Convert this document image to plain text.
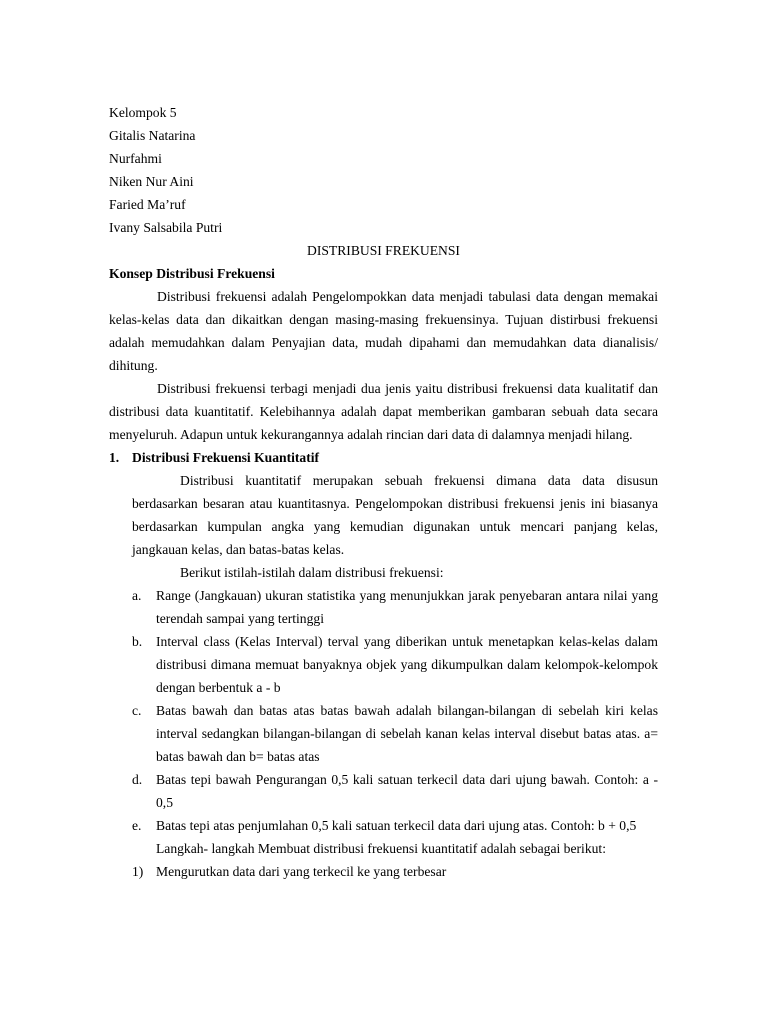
Kelompok 5

Gitalis Natarina

Nurfahmi

Niken Nur Aini

Faried Ma’ruf

Ivany Salsabila Putri

DISTRIBUSI FREKUENSI

Konsep Distribusi Frekuensi

Distribusi frekuensi adalah Pengelompokkan data menjadi tabulasi data dengan memakai kelas-kelas data dan dikaitkan dengan masing-masing frekuensinya. Tujuan distirbusi frekuensi adalah memudahkan dalam Penyajian data, mudah dipahami dan memudahkan data dianalisis/ dihitung.

Distribusi frekuensi terbagi menjadi dua jenis yaitu distribusi frekuensi data kualitatif dan distribusi data kuantitatif. Kelebihannya adalah dapat memberikan gambaran sebuah data secara menyeluruh. Adapun untuk kekurangannya adalah rincian dari data di dalamnya menjadi hilang.

1. Distribusi Frekuensi Kuantitatif

Distribusi kuantitatif merupakan sebuah frekuensi dimana data data disusun berdasarkan besaran atau kuantitasnya. Pengelompokan distribusi frekuensi jenis ini biasanya berdasarkan kumpulan angka yang kemudian digunakan untuk mencari panjang kelas, jangkauan kelas, dan batas-batas kelas.

Berikut istilah-istilah dalam distribusi frekuensi:

a. Range (Jangkauan) ukuran statistika yang menunjukkan jarak penyebaran antara nilai yang terendah sampai yang tertinggi
b. Interval class (Kelas Interval) terval yang diberikan untuk menetapkan kelas-kelas dalam distribusi dimana memuat banyaknya objek yang dikumpulkan dalam kelompok-kelompok dengan berbentuk a - b
c. Batas bawah dan batas atas batas bawah adalah bilangan-bilangan di sebelah kiri kelas interval sedangkan bilangan-bilangan di sebelah kanan kelas interval disebut batas atas. a= batas bawah dan b= batas atas
d. Batas tepi bawah Pengurangan 0,5 kali satuan terkecil data dari ujung bawah. Contoh: a - 0,5
e. Batas tepi atas penjumlahan 0,5 kali satuan terkecil data dari ujung atas. Contoh: b + 0,5

Langkah- langkah Membuat distribusi frekuensi kuantitatif adalah sebagai berikut:

1) Mengurutkan data dari yang terkecil ke yang terbesar
